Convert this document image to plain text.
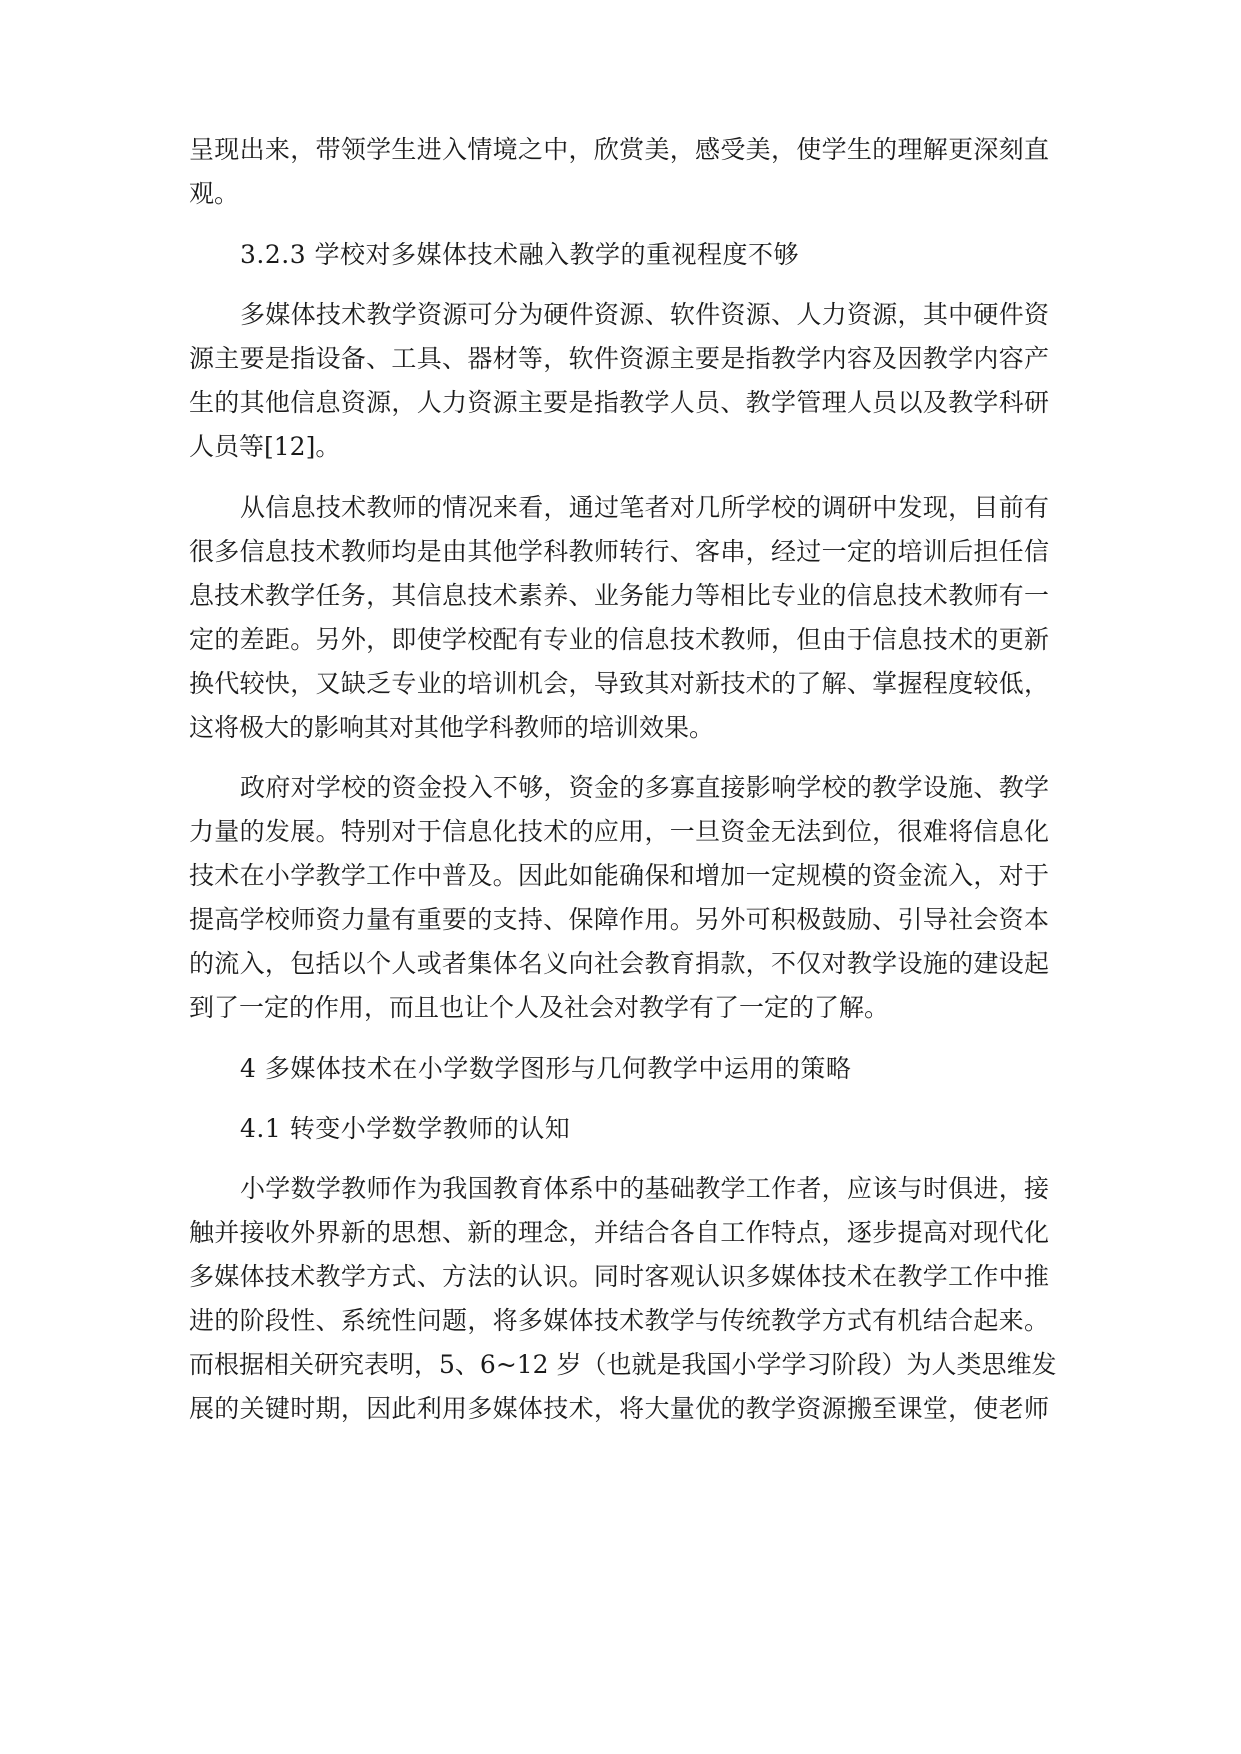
呈现出来，带领学生进入情境之中，欣赏美，感受美，使学生的理解更深刻直
观。
3.2.3 学校对多媒体技术融入教学的重视程度不够
多媒体技术教学资源可分为硬件资源、软件资源、人力资源，其中硬件资
源主要是指设备、工具、器材等，软件资源主要是指教学内容及因教学内容产
生的其他信息资源，人力资源主要是指教学人员、教学管理人员以及教学科研
人员等[12]。
从信息技术教师的情况来看，通过笔者对几所学校的调研中发现，目前有
很多信息技术教师均是由其他学科教师转行、客串，经过一定的培训后担任信
息技术教学任务，其信息技术素养、业务能力等相比专业的信息技术教师有一
定的差距。另外，即使学校配有专业的信息技术教师，但由于信息技术的更新
换代较快，又缺乏专业的培训机会，导致其对新技术的了解、掌握程度较低，
这将极大的影响其对其他学科教师的培训效果。
政府对学校的资金投入不够，资金的多寡直接影响学校的教学设施、教学
力量的发展。特别对于信息化技术的应用，一旦资金无法到位，很难将信息化
技术在小学教学工作中普及。因此如能确保和增加一定规模的资金流入，对于
提高学校师资力量有重要的支持、保障作用。另外可积极鼓励、引导社会资本
的流入，包括以个人或者集体名义向社会教育捐款，不仅对教学设施的建设起
到了一定的作用，而且也让个人及社会对教学有了一定的了解。
4 多媒体技术在小学数学图形与几何教学中运用的策略
4.1 转变小学数学教师的认知
小学数学教师作为我国教育体系中的基础教学工作者，应该与时俱进，接
触并接收外界新的思想、新的理念，并结合各自工作特点，逐步提高对现代化
多媒体技术教学方式、方法的认识。同时客观认识多媒体技术在教学工作中推
进的阶段性、系统性问题，将多媒体技术教学与传统教学方式有机结合起来。
而根据相关研究表明，5、6~12 岁（也就是我国小学学习阶段）为人类思维发
展的关键时期，因此利用多媒体技术，将大量优的教学资源搬至课堂，使老师
